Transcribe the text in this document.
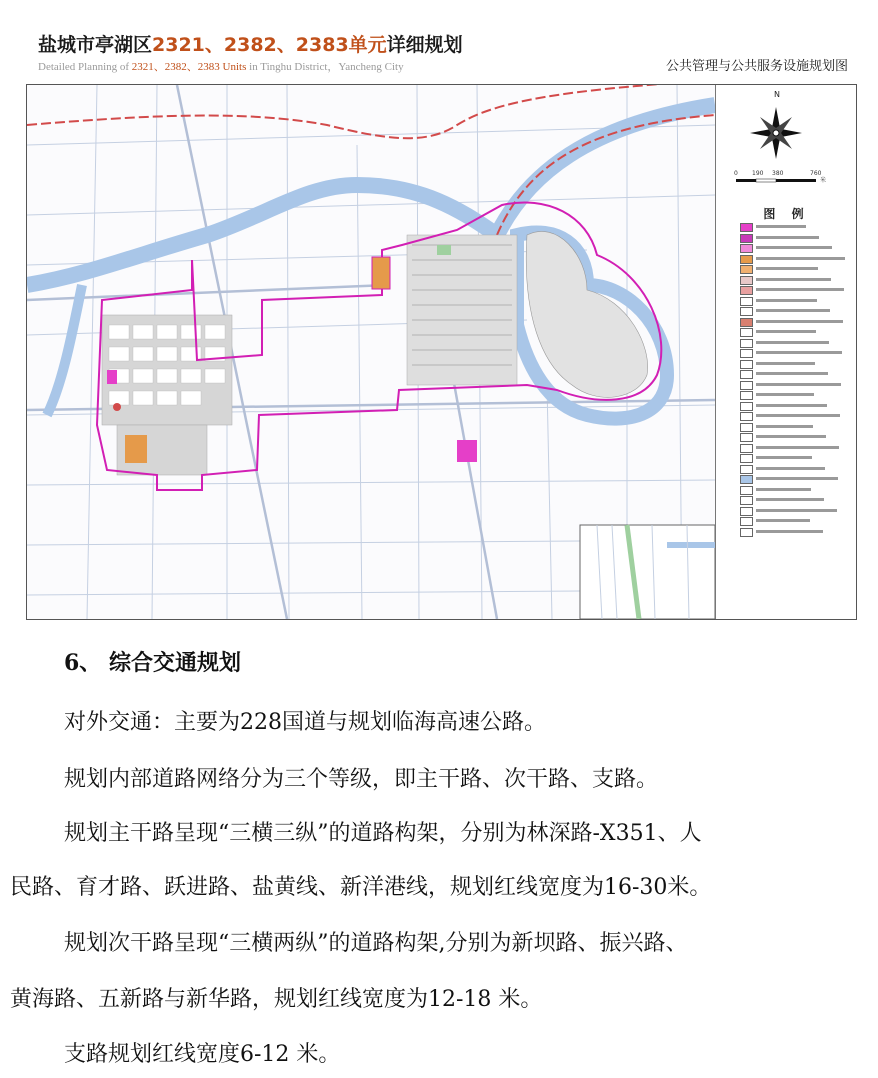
盐城市亭湖区2321、2382、2383单元详细规划
Detailed Planning of 2321、2382、2383 Units in Tinghu District，Yancheng City	公共管理与公共服务设施规划图
N
0 190 380	760
米
图 例
6、 综合交通规划
对外交通：主要为228国道与规划临海高速公路。
规划内部道路网络分为三个等级，即主干路、次干路、支路。
规划主干路呈现“三横三纵”的道路构架，分别为林深路-X351、人
民路、育才路、跃进路、盐黄线、新洋港线，规划红线宽度为16-30米。
规划次干路呈现“三横两纵”的道路构架,分别为新坝路、振兴路、
黄海路、五新路与新华路，规划红线宽度为12-18 米。
支路规划红线宽度6-12 米。
